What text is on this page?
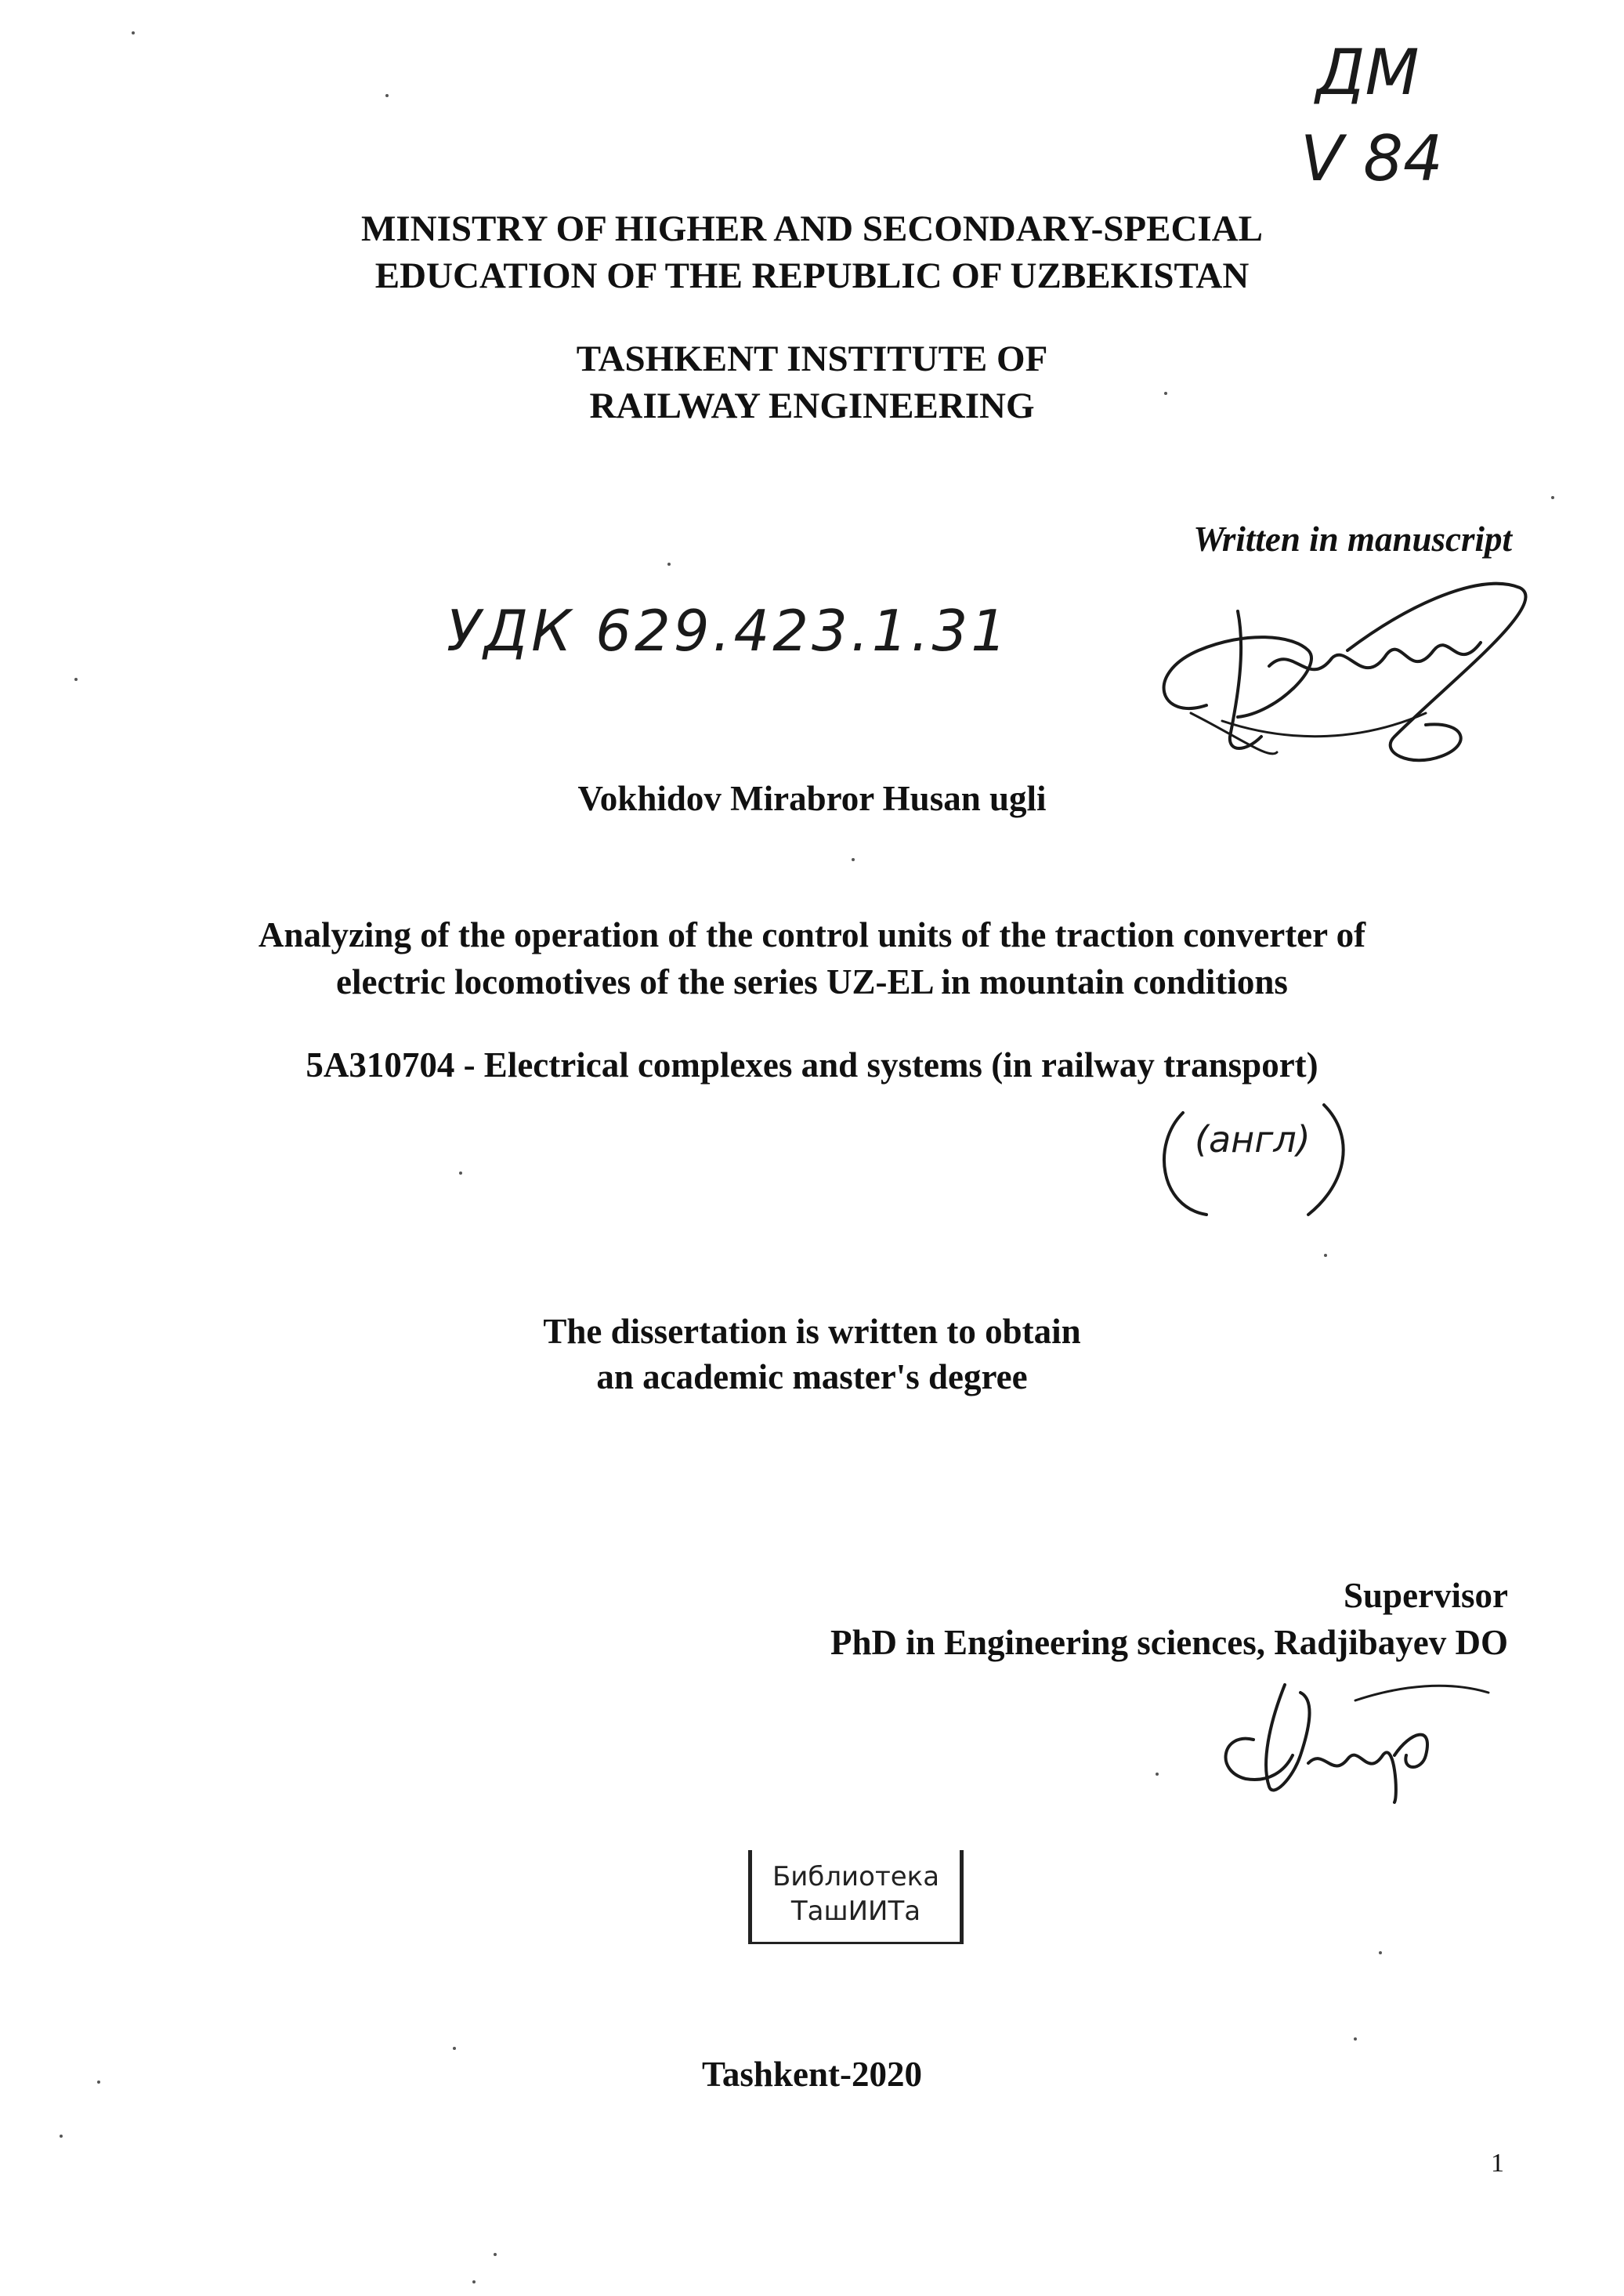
ДМ
V 84
MINISTRY OF HIGHER AND SECONDARY-SPECIAL
EDUCATION OF THE REPUBLIC OF UZBEKISTAN
TASHKENT INSTITUTE OF
RAILWAY ENGINEERING
Written in manuscript
УДК 629.423.1.31
Vokhidov Mirabror Husan ugli
Analyzing of the operation of the control units of the traction converter of
electric locomotives of the series UZ-EL in mountain conditions
5A310704 - Electrical complexes and systems (in railway transport)
(англ)
The dissertation is written to obtain
an academic master's degree
Supervisor
PhD in Engineering sciences, Radjibayev DO
Библиотека
ТашИИТа
Tashkent-2020
1
